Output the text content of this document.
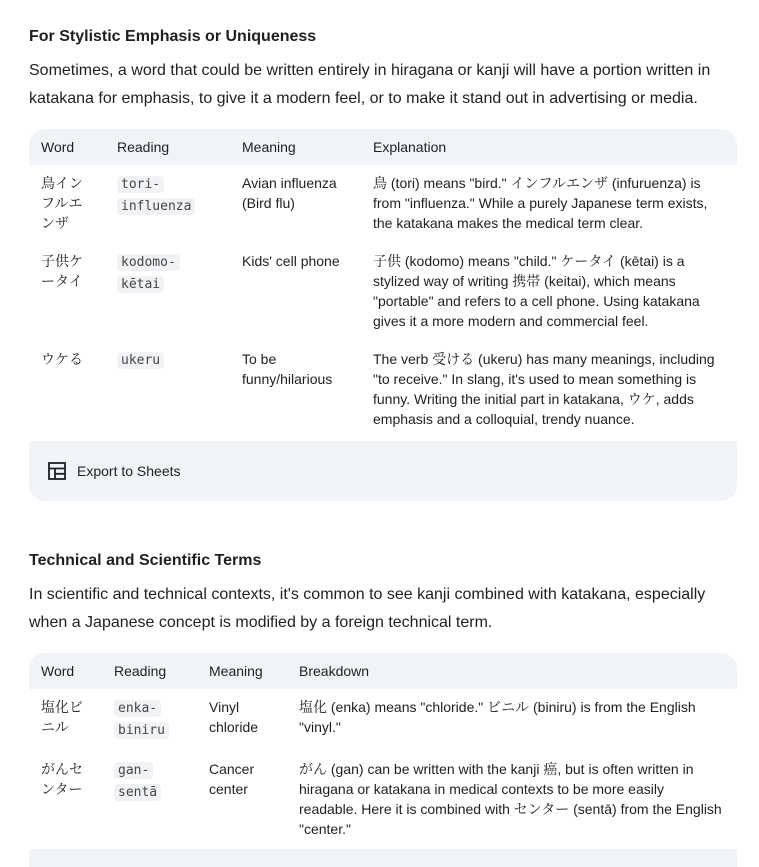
For Stylistic Emphasis or Uniqueness

Sometimes, a word that could be written entirely in hiragana or kanji will have a portion written in katakana for emphasis, to give it a modern feel, or to make it stand out in advertising or media.

Word	Reading	Meaning	Explanation
鳥インフルエンザ	tori-influenza	Avian influenza (Bird flu)	鳥 (tori) means "bird." インフルエンザ (infuruenza) is from "influenza." While a purely Japanese term exists, the katakana makes the medical term clear.
子供ケータイ	kodomo-kētai	Kids' cell phone	子供 (kodomo) means "child." ケータイ (kētai) is a stylized way of writing 携帯 (keitai), which means "portable" and refers to a cell phone. Using katakana gives it a more modern and commercial feel.
ウケる	ukeru	To be funny/hilarious	The verb 受ける (ukeru) has many meanings, including "to receive." In slang, it's used to mean something is funny. Writing the initial part in katakana, ウケ, adds emphasis and a colloquial, trendy nuance.
Export to Sheets
Technical and Scientific Terms

In scientific and technical contexts, it's common to see kanji combined with katakana, especially when a Japanese concept is modified by a foreign technical term.

Word	Reading	Meaning	Breakdown
塩化ビニル	enka-biniru	Vinyl chloride	塩化 (enka) means "chloride." ビニル (biniru) is from the English "vinyl."
がんセンター	gan-sentā	Cancer center	がん (gan) can be written with the kanji 癌, but is often written in hiragana or katakana in medical contexts to be more easily readable. Here it is combined with センター (sentā) from the English "center."
